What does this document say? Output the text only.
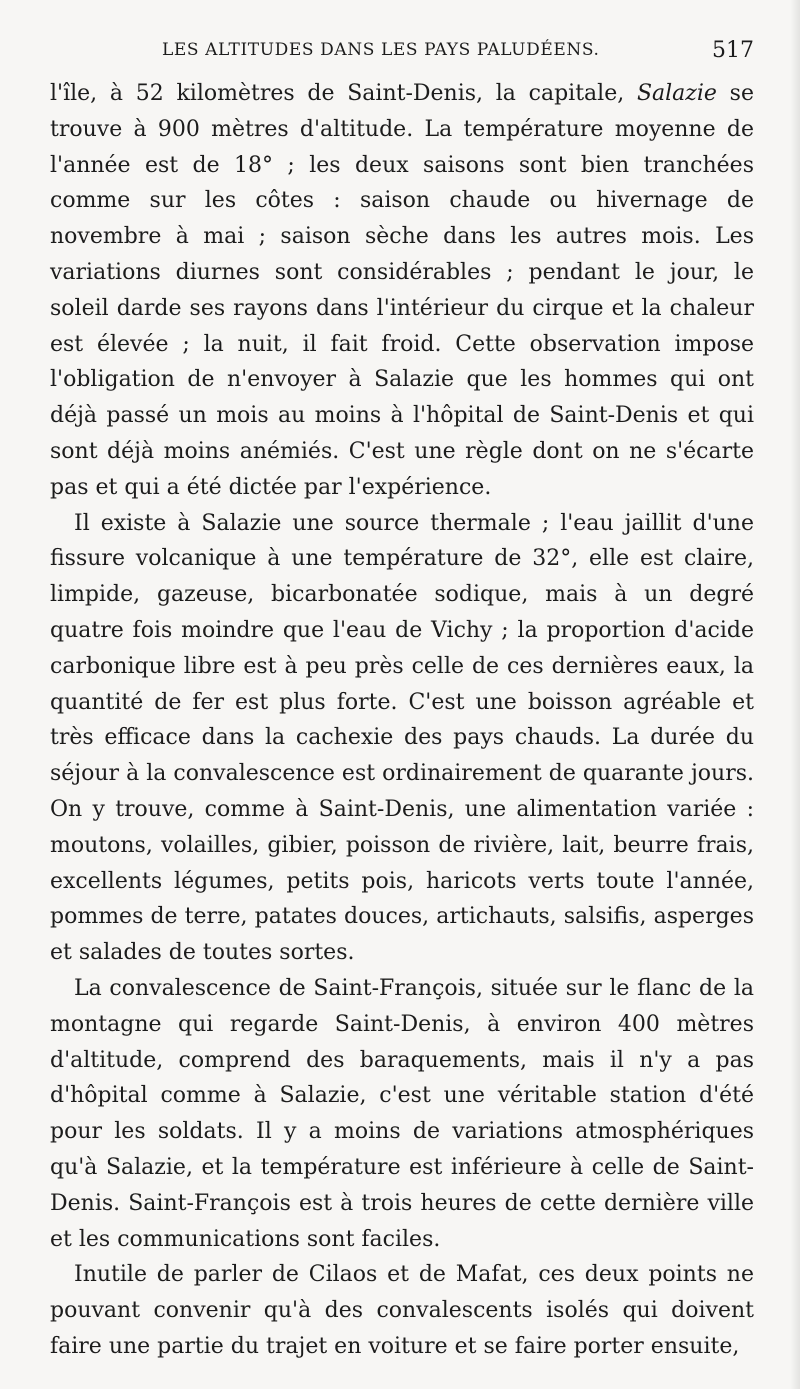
LES ALTITUDES DANS LES PAYS PALUDÉENS.	517

l'île, à 52 kilomètres de Saint-Denis, la capitale, Salazie se trouve à 900 mètres d'altitude. La température moyenne de l'année est de 18° ; les deux saisons sont bien tranchées comme sur les côtes : saison chaude ou hivernage de novembre à mai ; saison sèche dans les autres mois. Les variations diurnes sont considérables ; pendant le jour, le soleil darde ses rayons dans l'intérieur du cirque et la chaleur est élevée ; la nuit, il fait froid. Cette observation impose l'obligation de n'envoyer à Salazie que les hommes qui ont déjà passé un mois au moins à l'hôpital de Saint-Denis et qui sont déjà moins anémiés. C'est une règle dont on ne s'écarte pas et qui a été dictée par l'expérience.

Il existe à Salazie une source thermale ; l'eau jaillit d'une fissure volcanique à une température de 32°, elle est claire, limpide, gazeuse, bicarbonatée sodique, mais à un degré quatre fois moindre que l'eau de Vichy ; la proportion d'acide carbonique libre est à peu près celle de ces dernières eaux, la quantité de fer est plus forte. C'est une boisson agréable et très efficace dans la cachexie des pays chauds. La durée du séjour à la convalescence est ordinairement de quarante jours. On y trouve, comme à Saint-Denis, une alimentation variée : moutons, volailles, gibier, poisson de rivière, lait, beurre frais, excellents légumes, petits pois, haricots verts toute l'année, pommes de terre, patates douces, artichauts, salsifis, asperges et salades de toutes sortes.

La convalescence de Saint-François, située sur le flanc de la montagne qui regarde Saint-Denis, à environ 400 mètres d'altitude, comprend des baraquements, mais il n'y a pas d'hôpital comme à Salazie, c'est une véritable station d'été pour les soldats. Il y a moins de variations atmosphériques qu'à Salazie, et la température est inférieure à celle de Saint-Denis. Saint-François est à trois heures de cette dernière ville et les communications sont faciles.

Inutile de parler de Cilaos et de Mafat, ces deux points ne pouvant convenir qu'à des convalescents isolés qui doivent faire une partie du trajet en voiture et se faire porter ensuite,
